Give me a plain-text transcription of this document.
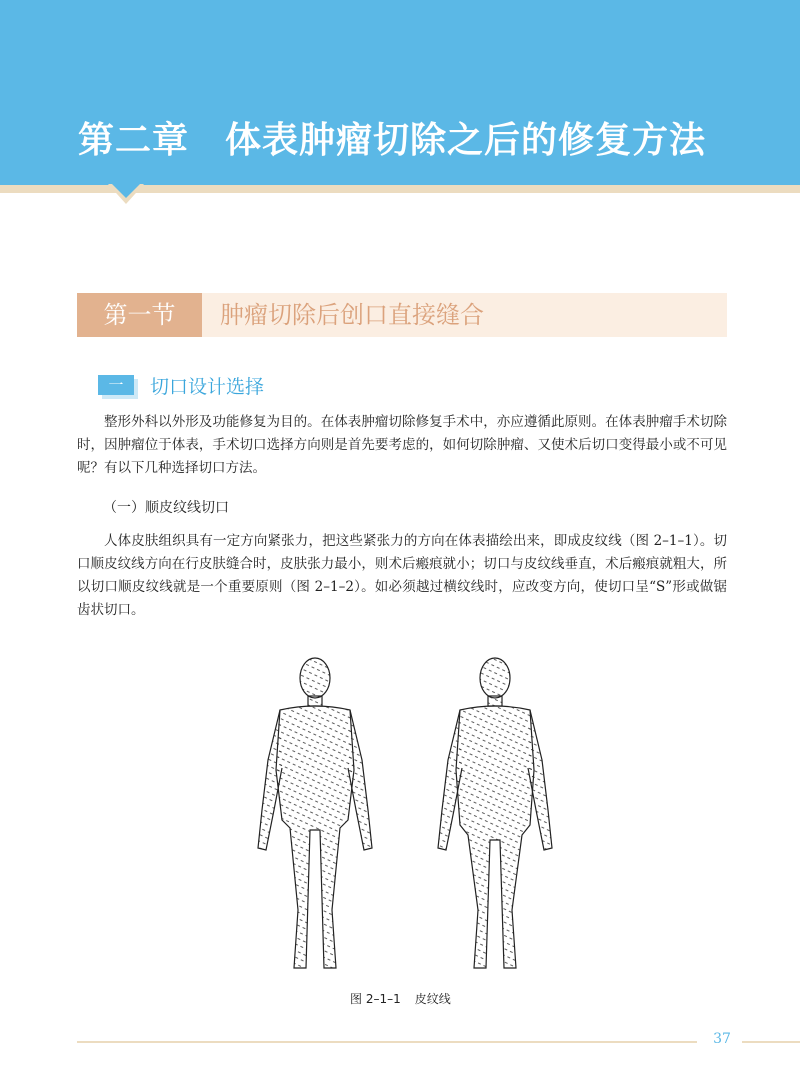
第二章 体表肿瘤切除之后的修复方法
第一节	肿瘤切除后创口直接缝合
一	切口设计选择

整形外科以外形及功能修复为目的。在体表肿瘤切除修复手术中，亦应遵循此原则。在体表肿瘤手术切除时，因肿瘤位于体表，手术切口选择方向则是首先要考虑的，如何切除肿瘤、又使术后切口变得最小或不可见呢？有以下几种选择切口方法。

（一）顺皮纹线切口

人体皮肤组织具有一定方向紧张力，把这些紧张力的方向在体表描绘出来，即成皮纹线（图 2–1–1）。切口顺皮纹线方向在行皮肤缝合时，皮肤张力最小，则术后瘢痕就小；切口与皮纹线垂直，术后瘢痕就粗大，所以切口顺皮纹线就是一个重要原则（图 2–1–2）。如必须越过横纹线时，应改变方向，使切口呈“S”形或做锯齿状切口。

图 2–1–1 皮纹线
37
